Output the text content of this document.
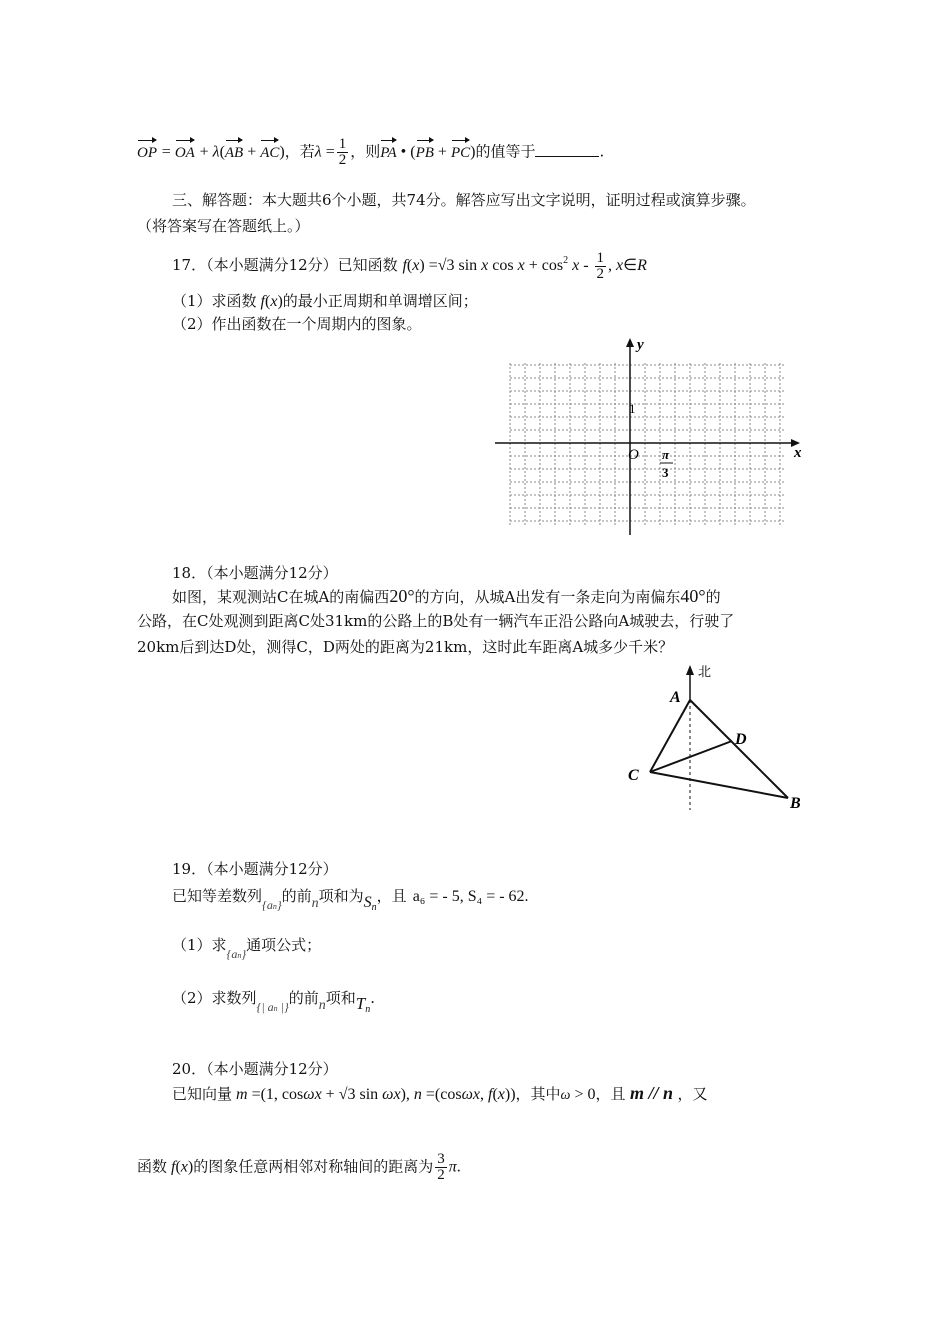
OP = OA + λ(AB + AC)，若$\lambda = \frac{1}{2}$ ，则PA • (PB + PC)的值等于	.
三、解答题：本大题共6个小题，共74分。解答应写出文字说明，证明过程或演算步骤。
（将答案写在答题纸上。）
17．（本小题满分12分）已知函数 f(x) =√3 sin x $\cos x + \cos^2 x - \frac{1}{2}$ , x∈R
（1）求函数 f(x)的最小正周期和单调增区间；
（2）作出函数在一个周期内的图象。
x
y
O
1
π
3
18．（本小题满分12分）
如图，某观测站C在城A的南偏西20°的方向，从城A出发有一条走向为南偏东40°的
公路，在C处观测到距离C处31km的公路上的B处有一辆汽车正沿公路向A城驶去，行驶了
20km后到达D处，测得C，D两处的距离为21km，这时此车距离A城多少千米？
北
A
D
C
B
19．（本小题满分12分）
已知等差数列$_{\{an\}}$的前n项和为$S_n$，且 a₆ = - 5, S₄ = - 62.
（1）求$_{\{an\}}$通项公式；
（2）求数列$_{\{| an |\}}$的前n项和$T_n$.
20．（本小题满分12分）
已知向量 m =(1, cosωx + √3 sin ωx), n =(cosωx, f(x))，其中ω > 0，且 m // n ，又
函数 f(x)的图象任意两相邻对称轴间的距离为 $\frac{3}{2} \pi$.
